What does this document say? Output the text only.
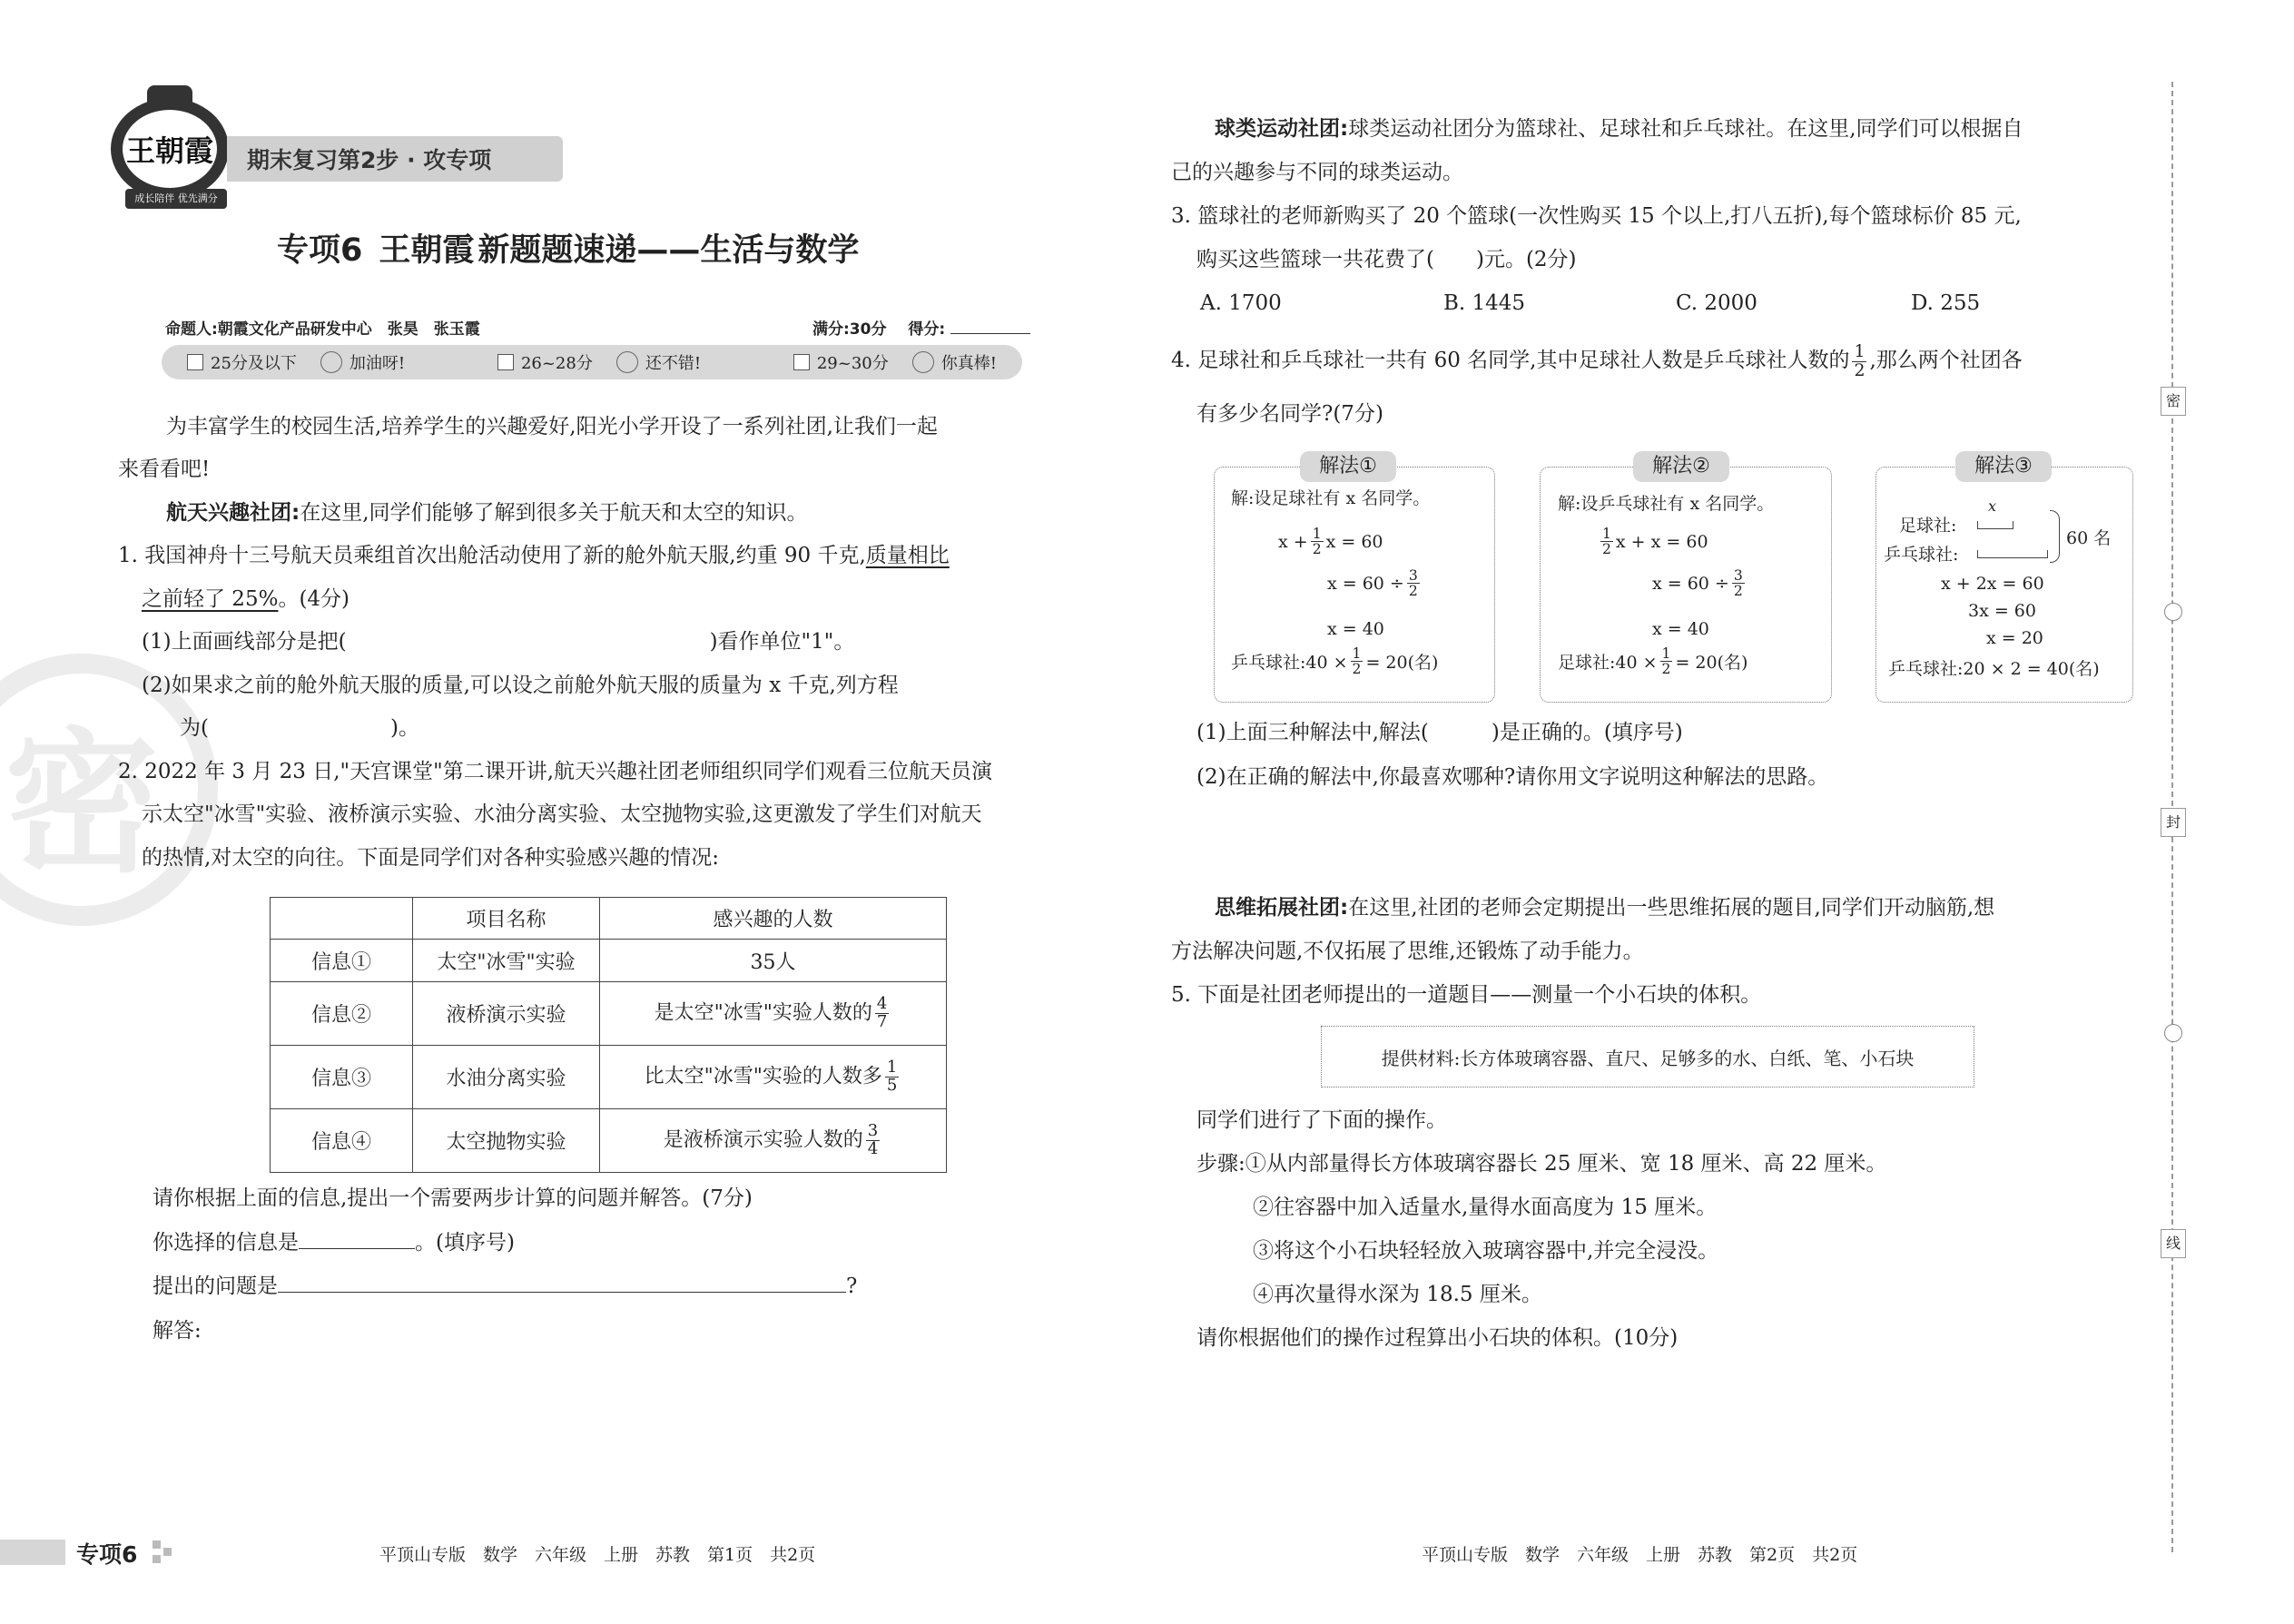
密
王朝霞
成长陪伴 优先满分
期末复习第2步 · 攻专项
专项6 王朝霞 新题题速递——生活与数学
命题人:朝霞文化产品研发中心　张昊　张玉霞	满分:30分 得分:
25分及以下	加油呀!	26~28分	还不错!	29~30分	你真棒!
为丰富学生的校园生活,培养学生的兴趣爱好,阳光小学开设了一系列社团,让我们一起
来看看吧!
航天兴趣社团:在这里,同学们能够了解到很多关于航天和太空的知识。
1. 我国神舟十三号航天员乘组首次出舱活动使用了新的舱外航天服,约重 90 千克,质量相比
之前轻了 25%。(4分)
(1)上面画线部分是把(	)看作单位"1"。
(2)如果求之前的舱外航天服的质量,可以设之前舱外航天服的质量为 x 千克,列方程
为(	)。
2. 2022 年 3 月 23 日,"天宫课堂"第二课开讲,航天兴趣社团老师组织同学们观看三位航天员演
示太空"冰雪"实验、液桥演示实验、水油分离实验、太空抛物实验,这更激发了学生们对航天
的热情,对太空的向往。下面是同学们对各种实验感兴趣的情况:
	项目名称	感兴趣的人数
信息①	太空"冰雪"实验	35人
信息②	液桥演示实验	是太空"冰雪"实验人数的 $\frac{4}{7}$

信息③	水油分离实验	比太空"冰雪"实验的人数多 $\frac{1}{5}$

信息④	太空抛物实验	是液桥演示实验人数的 $\frac{3}{4}$
请你根据上面的信息,提出一个需要两步计算的问题并解答。(7分)
你选择的信息是	。(填序号)
提出的问题是	?
解答:
专项6	平顶山专版　数学　六年级　上册　苏教　第1页　共2页
球类运动社团:球类运动社团分为篮球社、足球社和乒乓球社。在这里,同学们可以根据自
己的兴趣参与不同的球类运动。
3. 篮球社的老师新购买了 20 个篮球(一次性购买 15 个以上,打八五折),每个篮球标价 85 元,
购买这些篮球一共花费了(　　)元。(2分)
A. 1700	B. 1445	C. 2000	D. 255
4. 足球社和乒乓球社一共有 60 名同学,其中足球社人数是乒乓球社人数的 $\frac{1}{2}$ ,那么两个社团各
有多少名同学?(7分)
解法①
解:设足球社有 x 名同学。
$x + \frac{1}{2}$ x = 60
$x = 60 \div \frac{3}{2}$
x = 40
乒乓球社:40 × $\frac{1}{2} = 20$(名)
解法②
解:设乒乓球社有 x 名同学。
$\frac{1}{2}$ x + x = 60
$x = 60 \div \frac{3}{2}$
x = 40
足球社:40 × $\frac{1}{2} = 20$(名)
解法③
x
足球社:
乒乓球社:
60 名
x + 2x = 60
3x = 60
x = 20
乒乓球社:20 × 2 = 40(名)
(1)上面三种解法中,解法(　　　)是正确的。(填序号)
(2)在正确的解法中,你最喜欢哪种?请你用文字说明这种解法的思路。
思维拓展社团:在这里,社团的老师会定期提出一些思维拓展的题目,同学们开动脑筋,想
方法解决问题,不仅拓展了思维,还锻炼了动手能力。
5. 下面是社团老师提出的一道题目——测量一个小石块的体积。
提供材料:长方体玻璃容器、直尺、足够多的水、白纸、笔、小石块
同学们进行了下面的操作。
步骤:①从内部量得长方体玻璃容器长 25 厘米、宽 18 厘米、高 22 厘米。
②往容器中加入适量水,量得水面高度为 15 厘米。
③将这个小石块轻轻放入玻璃容器中,并完全浸没。
④再次量得水深为 18.5 厘米。
请你根据他们的操作过程算出小石块的体积。(10分)
平顶山专版　数学　六年级　上册　苏教　第2页　共2页
密
封
线
